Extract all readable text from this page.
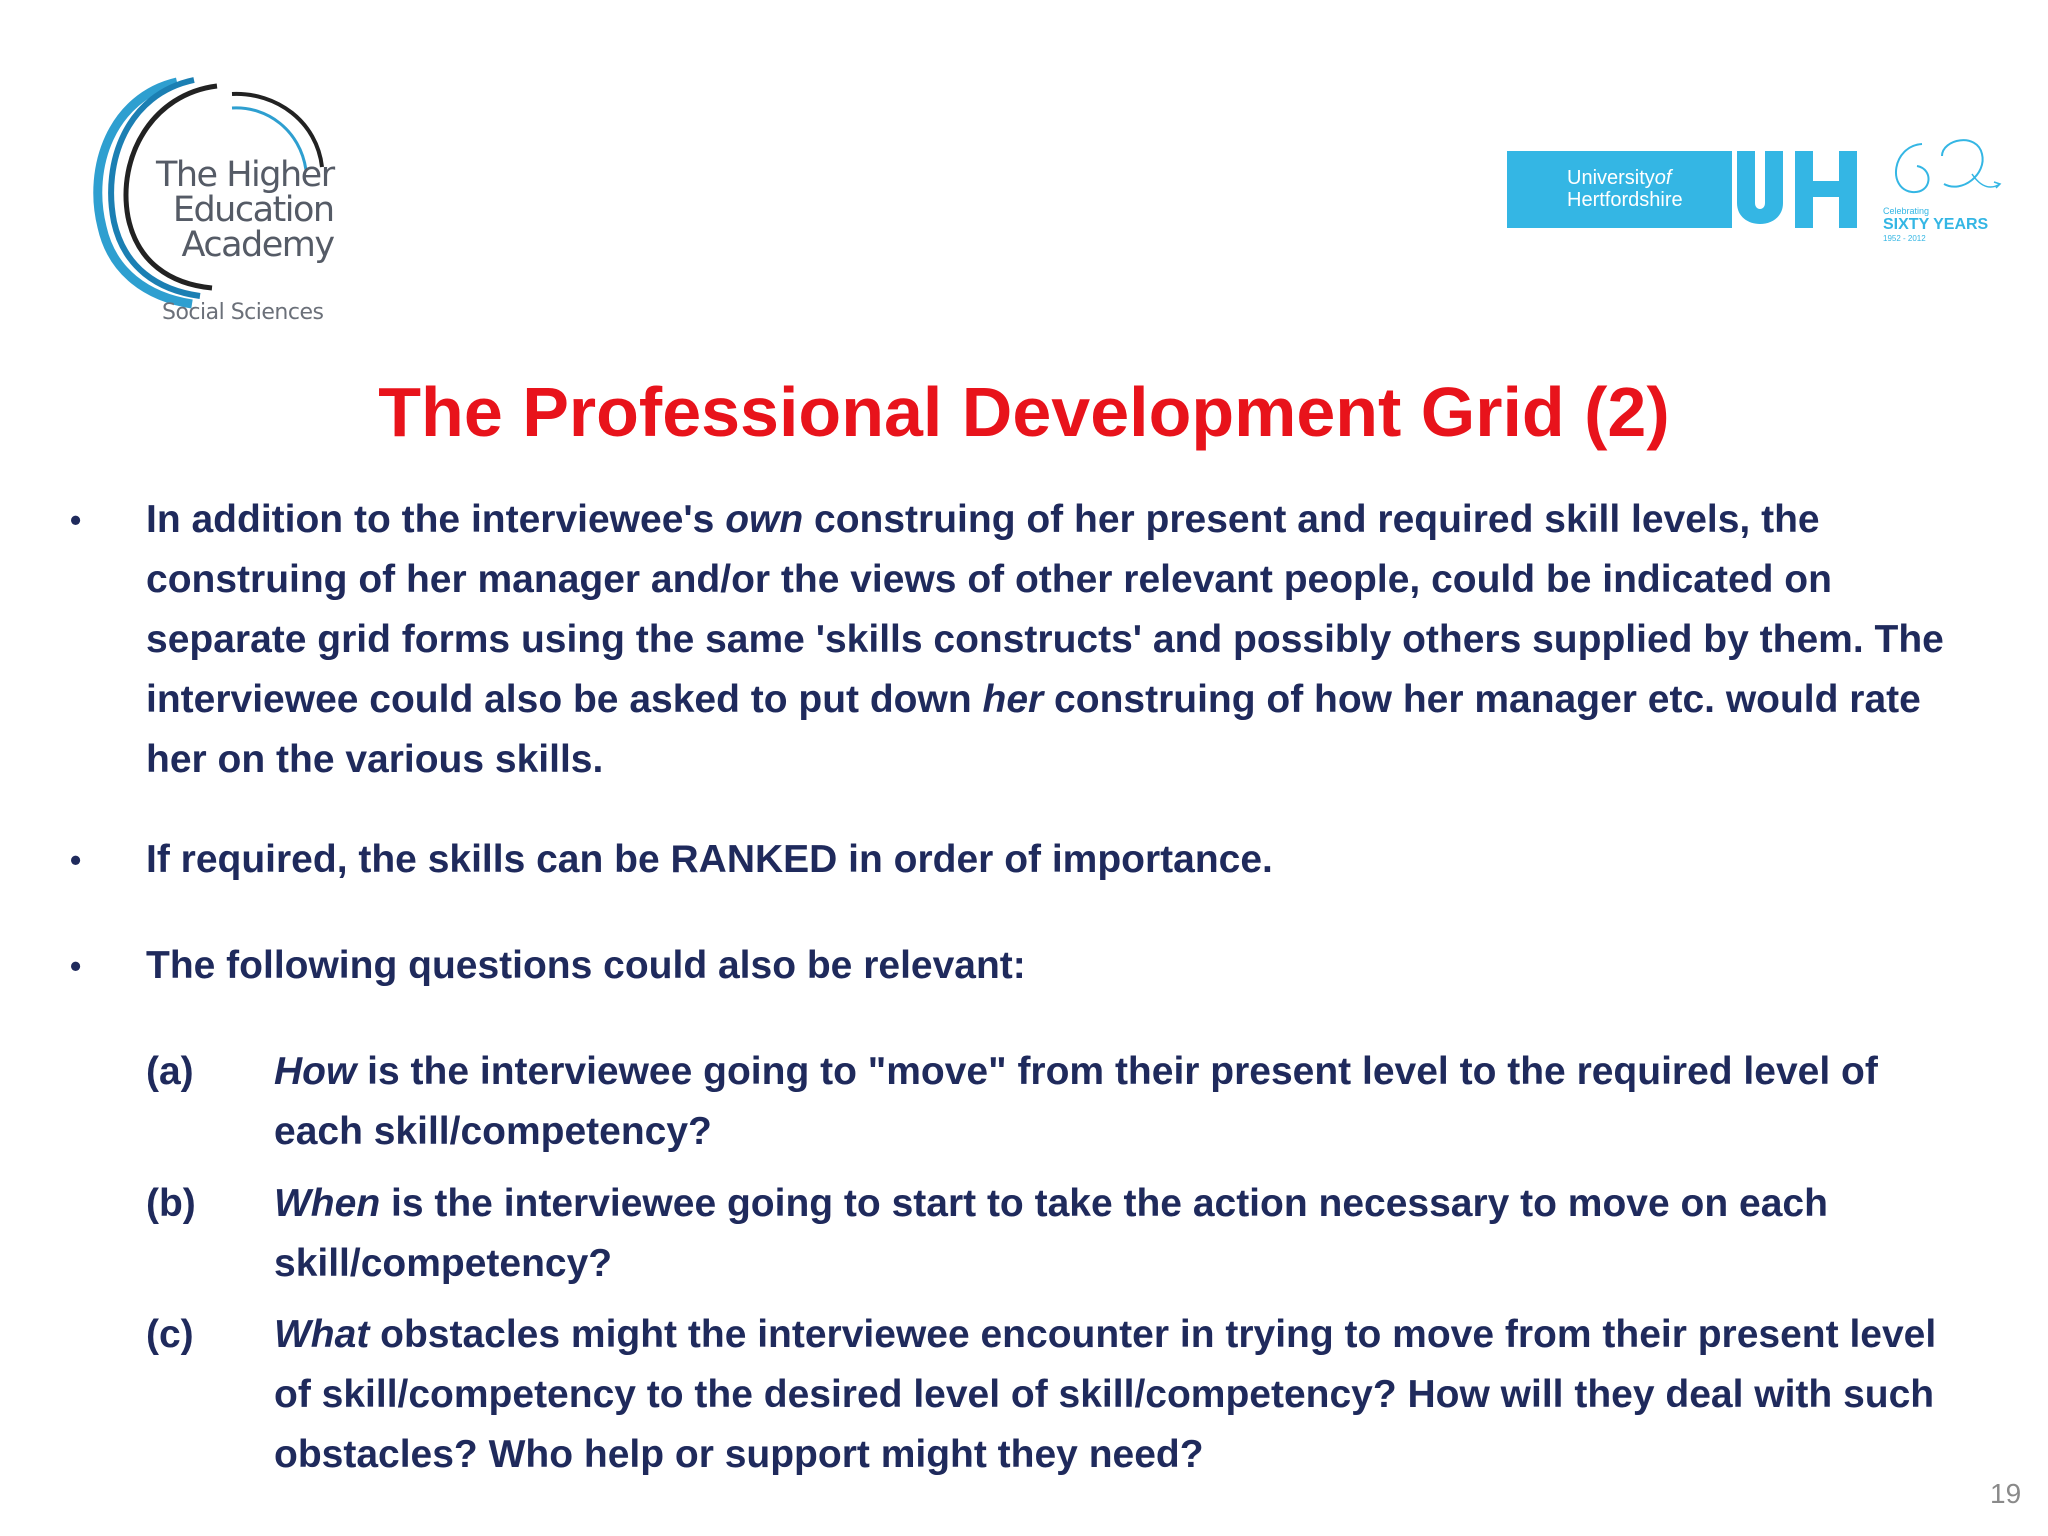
The Higher
Education
Academy
Social Sciences
Universityof
Hertfordshire	Celebrating
SIXTY YEARS
1952 - 2012
The Professional Development Grid (2)
• In addition to the interviewee's own construing of her present and required skill levels, the
construing of her manager and/or the views of other relevant people, could be indicated on
separate grid forms using the same 'skills constructs' and possibly others supplied by them. The
interviewee could also be asked to put down her construing of how her manager etc. would rate
her on the various skills.
• If required, the skills can be RANKED in order of importance.
• The following questions could also be relevant:
(a) How is the interviewee going to "move" from their present level to the required level of
each skill/competency?
(b) When is the interviewee going to start to take the action necessary to move on each
skill/competency?
(c) What obstacles might the interviewee encounter in trying to move from their present level
of skill/competency to the desired level of skill/competency? How will they deal with such
obstacles? Who help or support might they need?
19
